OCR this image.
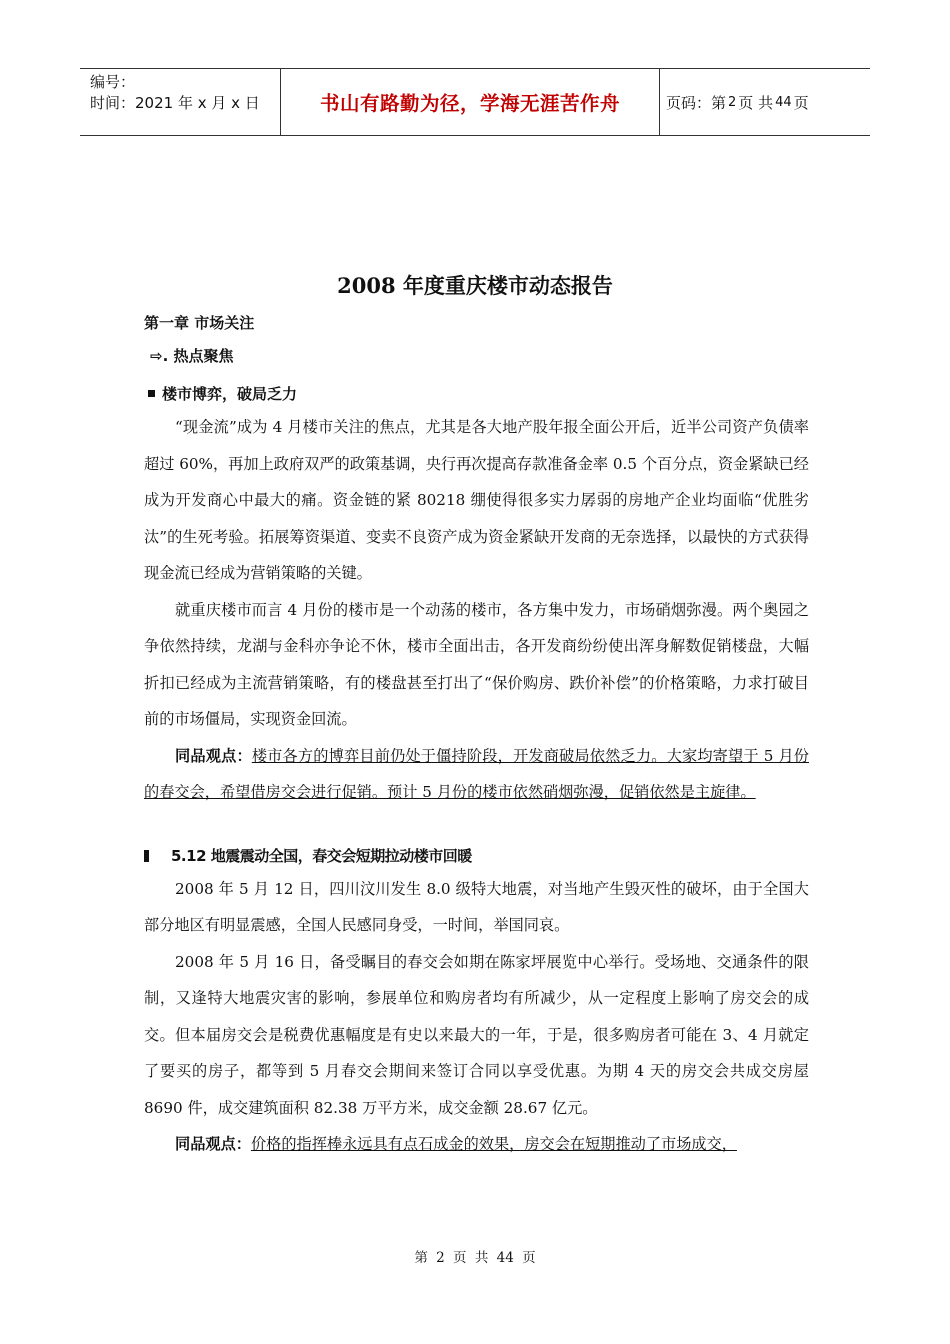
编号：
时间：2021 年 x 月 x 日	书山有路勤为径，学海无涯苦作舟	页码：第 2 页 共 44 页
2008 年度重庆楼市动态报告
第一章 市场关注
⇨. 热点聚焦
楼市博弈，破局乏力

“现金流”成为 4 月楼市关注的焦点，尤其是各大地产股年报全面公开后，近半公司资产负债率超过 60%，再加上政府双严的政策基调，央行再次提高存款准备金率 0.5 个百分点，资金紧缺已经成为开发商心中最大的痛。资金链的紧 80218 绷使得很多实力孱弱的房地产企业均面临“优胜劣汰”的生死考验。拓展筹资渠道、变卖不良资产成为资金紧缺开发商的无奈选择，以最快的方式获得现金流已经成为营销策略的关键。

就重庆楼市而言 4 月份的楼市是一个动荡的楼市，各方集中发力，市场硝烟弥漫。两个奥园之争依然持续，龙湖与金科亦争论不休，楼市全面出击，各开发商纷纷使出浑身解数促销楼盘，大幅折扣已经成为主流营销策略，有的楼盘甚至打出了“保价购房、跌价补偿”的价格策略，力求打破目前的市场僵局，实现资金回流。

同品观点：楼市各方的博弈目前仍处于僵持阶段，开发商破局依然乏力。大家均寄望于 5 月份的春交会，希望借房交会进行促销。预计 5 月份的楼市依然硝烟弥漫，促销依然是主旋律。

5.12 地震震动全国，春交会短期拉动楼市回暖

2008 年 5 月 12 日，四川汶川发生 8.0 级特大地震，对当地产生毁灭性的破坏，由于全国大部分地区有明显震感，全国人民感同身受，一时间，举国同哀。

2008 年 5 月 16 日，备受瞩目的春交会如期在陈家坪展览中心举行。受场地、交通条件的限制，又逢特大地震灾害的影响，参展单位和购房者均有所减少，从一定程度上影响了房交会的成交。但本届房交会是税费优惠幅度是有史以来最大的一年，于是，很多购房者可能在 3、4 月就定了要买的房子，都等到 5 月春交会期间来签订合同以享受优惠。为期 4 天的房交会共成交房屋 8690 件，成交建筑面积 82.38 万平方米，成交金额 28.67 亿元。

同品观点：价格的指挥棒永远具有点石成金的效果，房交会在短期推动了市场成交，

第 2 页 共 44 页
